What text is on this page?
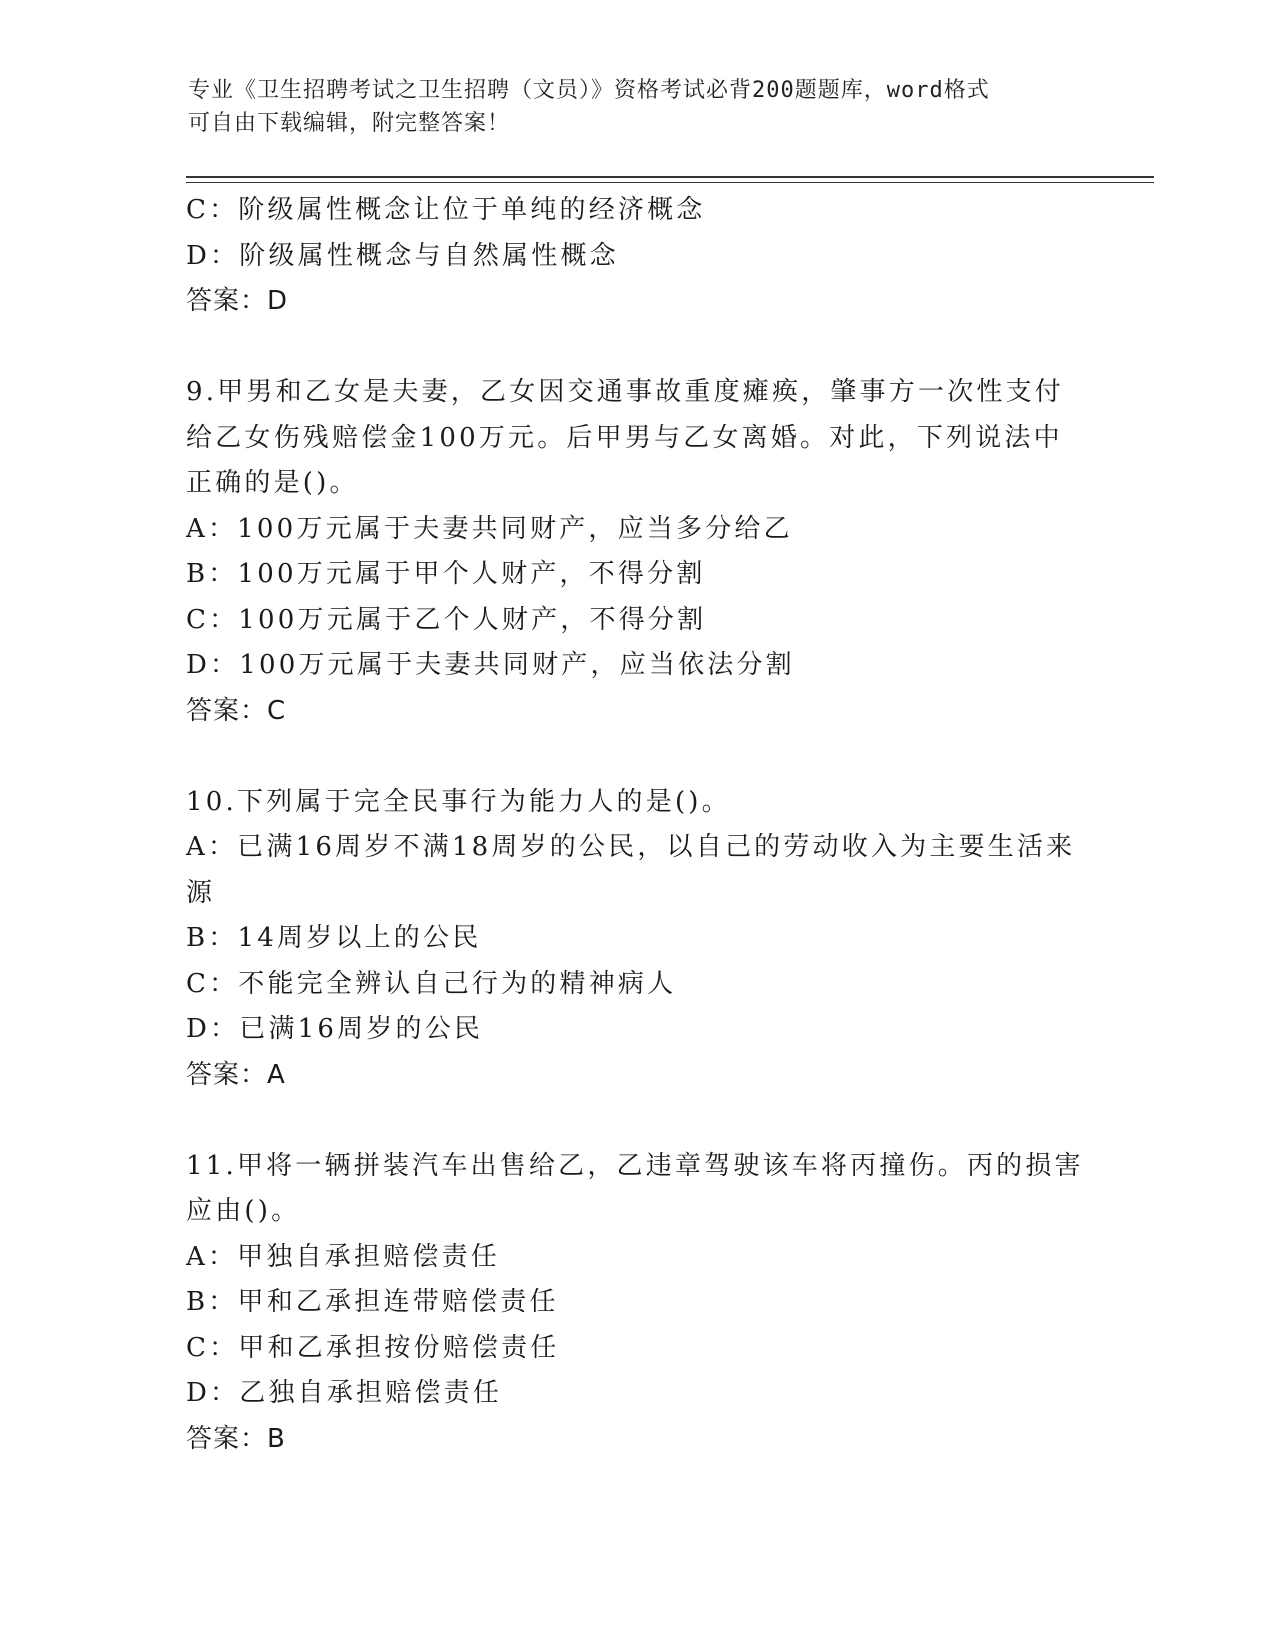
专业《卫生招聘考试之卫生招聘（文员）》资格考试必背200题题库，word格式
可自由下载编辑，附完整答案！
C：阶级属性概念让位于单纯的经济概念
D：阶级属性概念与自然属性概念
答案：D
9.甲男和乙女是夫妻，乙女因交通事故重度瘫痪，肇事方一次性支付
给乙女伤残赔偿金100万元。后甲男与乙女离婚。对此，下列说法中
正确的是()。
A：100万元属于夫妻共同财产，应当多分给乙
B：100万元属于甲个人财产，不得分割
C：100万元属于乙个人财产，不得分割
D：100万元属于夫妻共同财产，应当依法分割
答案：C
10.下列属于完全民事行为能力人的是()。
A：已满16周岁不满18周岁的公民，以自己的劳动收入为主要生活来
源
B：14周岁以上的公民
C：不能完全辨认自己行为的精神病人
D：已满16周岁的公民
答案：A
11.甲将一辆拼装汽车出售给乙，乙违章驾驶该车将丙撞伤。丙的损害
应由()。
A：甲独自承担赔偿责任
B：甲和乙承担连带赔偿责任
C：甲和乙承担按份赔偿责任
D：乙独自承担赔偿责任
答案：B
